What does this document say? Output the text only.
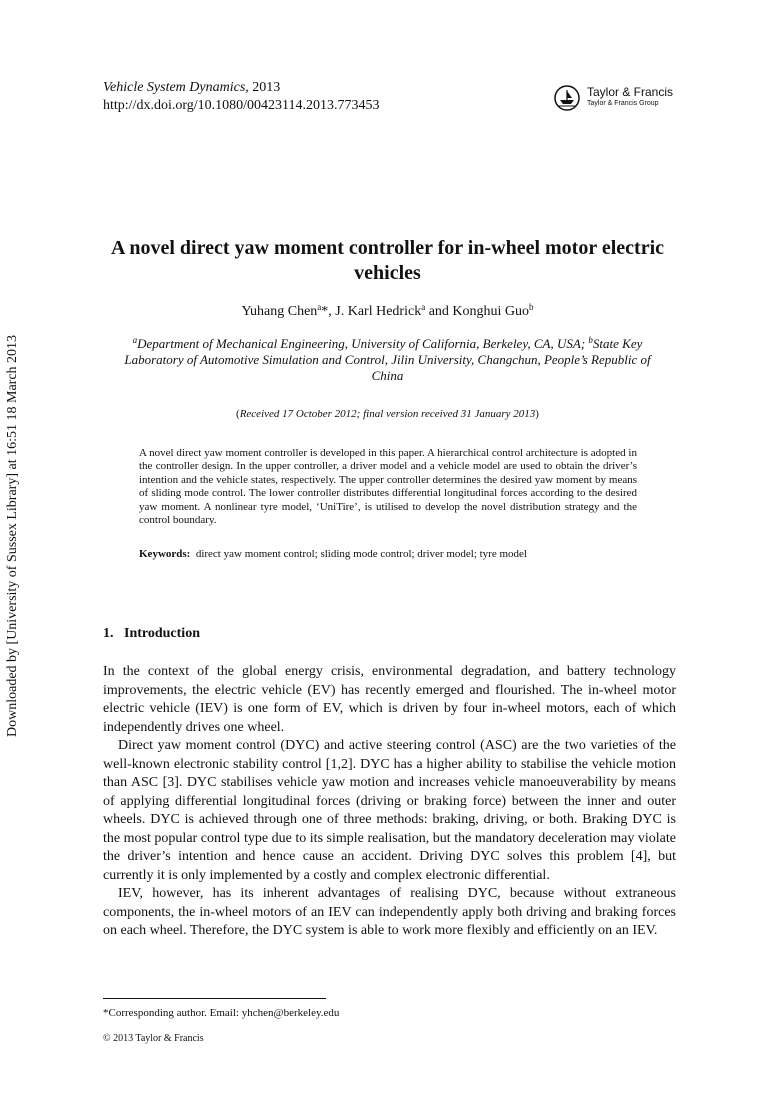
Vehicle System Dynamics, 2013
http://dx.doi.org/10.1080/00423114.2013.773453
Taylor & Francis
Taylor & Francis Group
Downloaded by [University of Sussex Library] at 16:51 18 March 2013
A novel direct yaw moment controller for in-wheel motor electric vehicles
Yuhang Chen$^a$*, J. Karl Hedrick$^a$ and Konghui Guo$^b$
$^a$Department of Mechanical Engineering, University of California, Berkeley, CA, USA; $^b$State Key Laboratory of Automotive Simulation and Control, Jilin University, Changchun, People’s Republic of China
(Received 17 October 2012; final version received 31 January 2013)
A novel direct yaw moment controller is developed in this paper. A hierarchical control architecture is adopted in the controller design. In the upper controller, a driver model and a vehicle model are used to obtain the driver’s intention and the vehicle states, respectively. The upper controller determines the desired yaw moment by means of sliding mode control. The lower controller distributes differential longitudinal forces according to the desired yaw moment. A nonlinear tyre model, ‘UniTire’, is utilised to develop the novel distribution strategy and the control boundary.
Keywords: direct yaw moment control; sliding mode control; driver model; tyre model
1. Introduction

In the context of the global energy crisis, environmental degradation, and battery technology improvements, the electric vehicle (EV) has recently emerged and flourished. The in-wheel motor electric vehicle (IEV) is one form of EV, which is driven by four in-wheel motors, each of which independently drives one wheel.

Direct yaw moment control (DYC) and active steering control (ASC) are the two varieties of the well-known electronic stability control [1,2]. DYC has a higher ability to stabilise the vehicle motion than ASC [3]. DYC stabilises vehicle yaw motion and increases vehicle manoeuverability by means of applying differential longitudinal forces (driving or braking force) between the inner and outer wheels. DYC is achieved through one of three methods: braking, driving, or both. Braking DYC is the most popular control type due to its simple realisation, but the mandatory deceleration may violate the driver’s intention and hence cause an accident. Driving DYC solves this problem [4], but currently it is only implemented by a costly and complex electronic differential.

IEV, however, has its inherent advantages of realising DYC, because without extraneous components, the in-wheel motors of an IEV can independently apply both driving and braking forces on each wheel. Therefore, the DYC system is able to work more flexibly and efficiently on an IEV.

*Corresponding author. Email: yhchen@berkeley.edu
© 2013 Taylor & Francis
